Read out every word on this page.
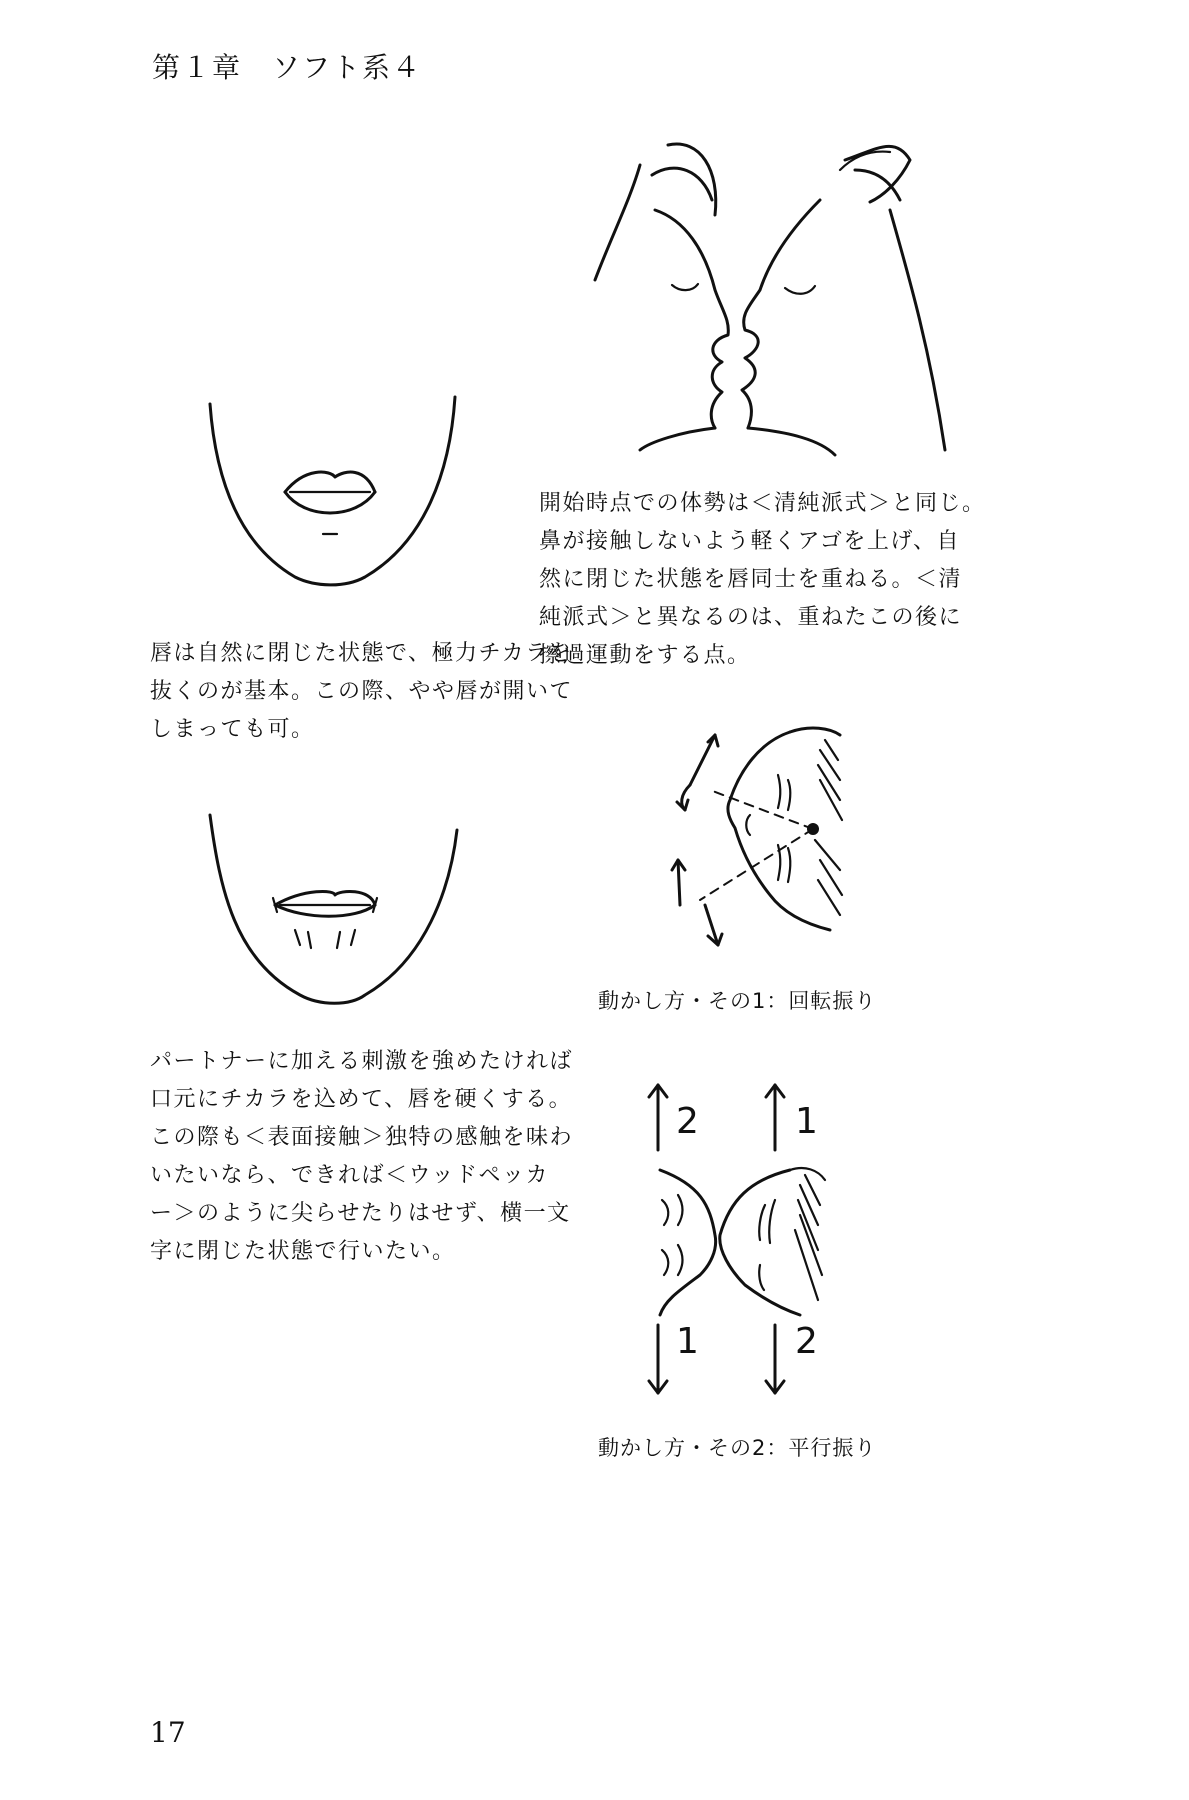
第１章　ソフト系４
唇は自然に閉じた状態で、極力チカラを
抜くのが基本。この際、やや唇が開いて
しまっても可。
開始時点での体勢は＜清純派式＞と同じ。
鼻が接触しないよう軽くアゴを上げ、自
然に閉じた状態を唇同士を重ねる。＜清
純派式＞と異なるのは、重ねたこの後に
擦過運動をする点。
動かし方・その1：回転振り
パートナーに加える刺激を強めたければ
口元にチカラを込めて、唇を硬くする。
この際も＜表面接触＞独特の感触を味わ
いたいなら、できれば＜ウッドペッカ
ー＞のように尖らせたりはせず、横一文
字に閉じた状態で行いたい。
2	1
1	2
動かし方・その2：平行振り
17
